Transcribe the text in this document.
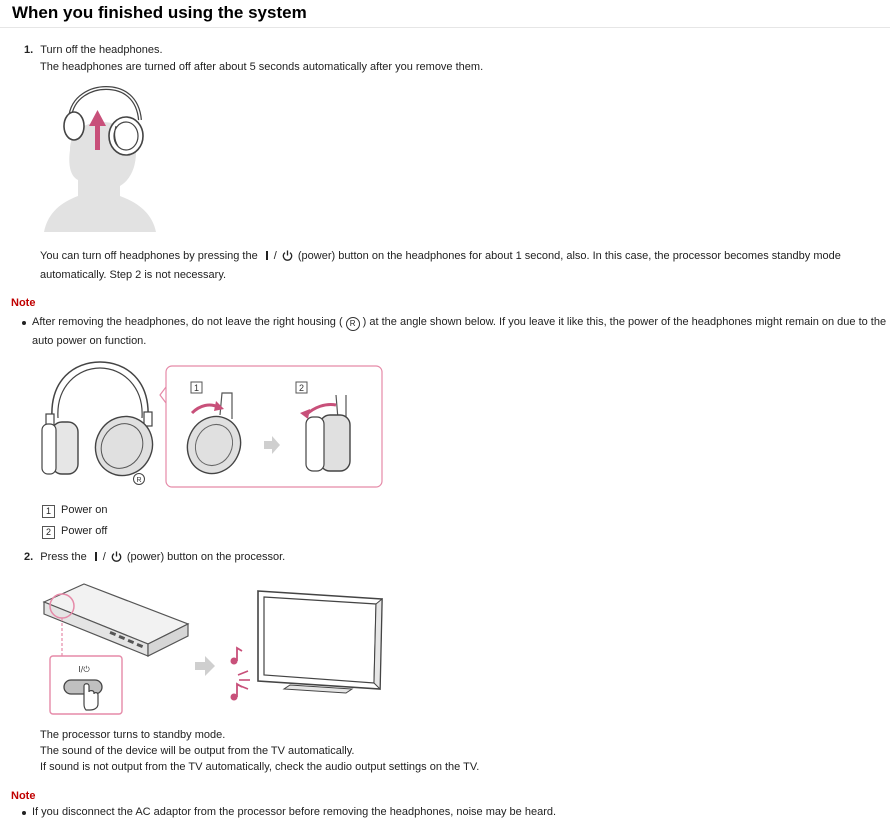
When you finished using the system
1. Turn off the headphones.
The headphones are turned off after about 5 seconds automatically after you remove them.
You can turn off headphones by pressing the / (power) button on the headphones for about 1 second, also. In this case, the processor becomes standby mode
automatically. Step 2 is not necessary.
Note
After removing the headphones, do not leave the right housing ( R ) at the angle shown below. If you leave it like this, the power of the headphones might remain on due to the
auto power on function.
R
1	2
1 Power on
2 Power off
2. Press the / (power) button on the processor.
I/⏻
The processor turns to standby mode.
The sound of the device will be output from the TV automatically.
If sound is not output from the TV automatically, check the audio output settings on the TV.
Note
If you disconnect the AC adaptor from the processor before removing the headphones, noise may be heard.
